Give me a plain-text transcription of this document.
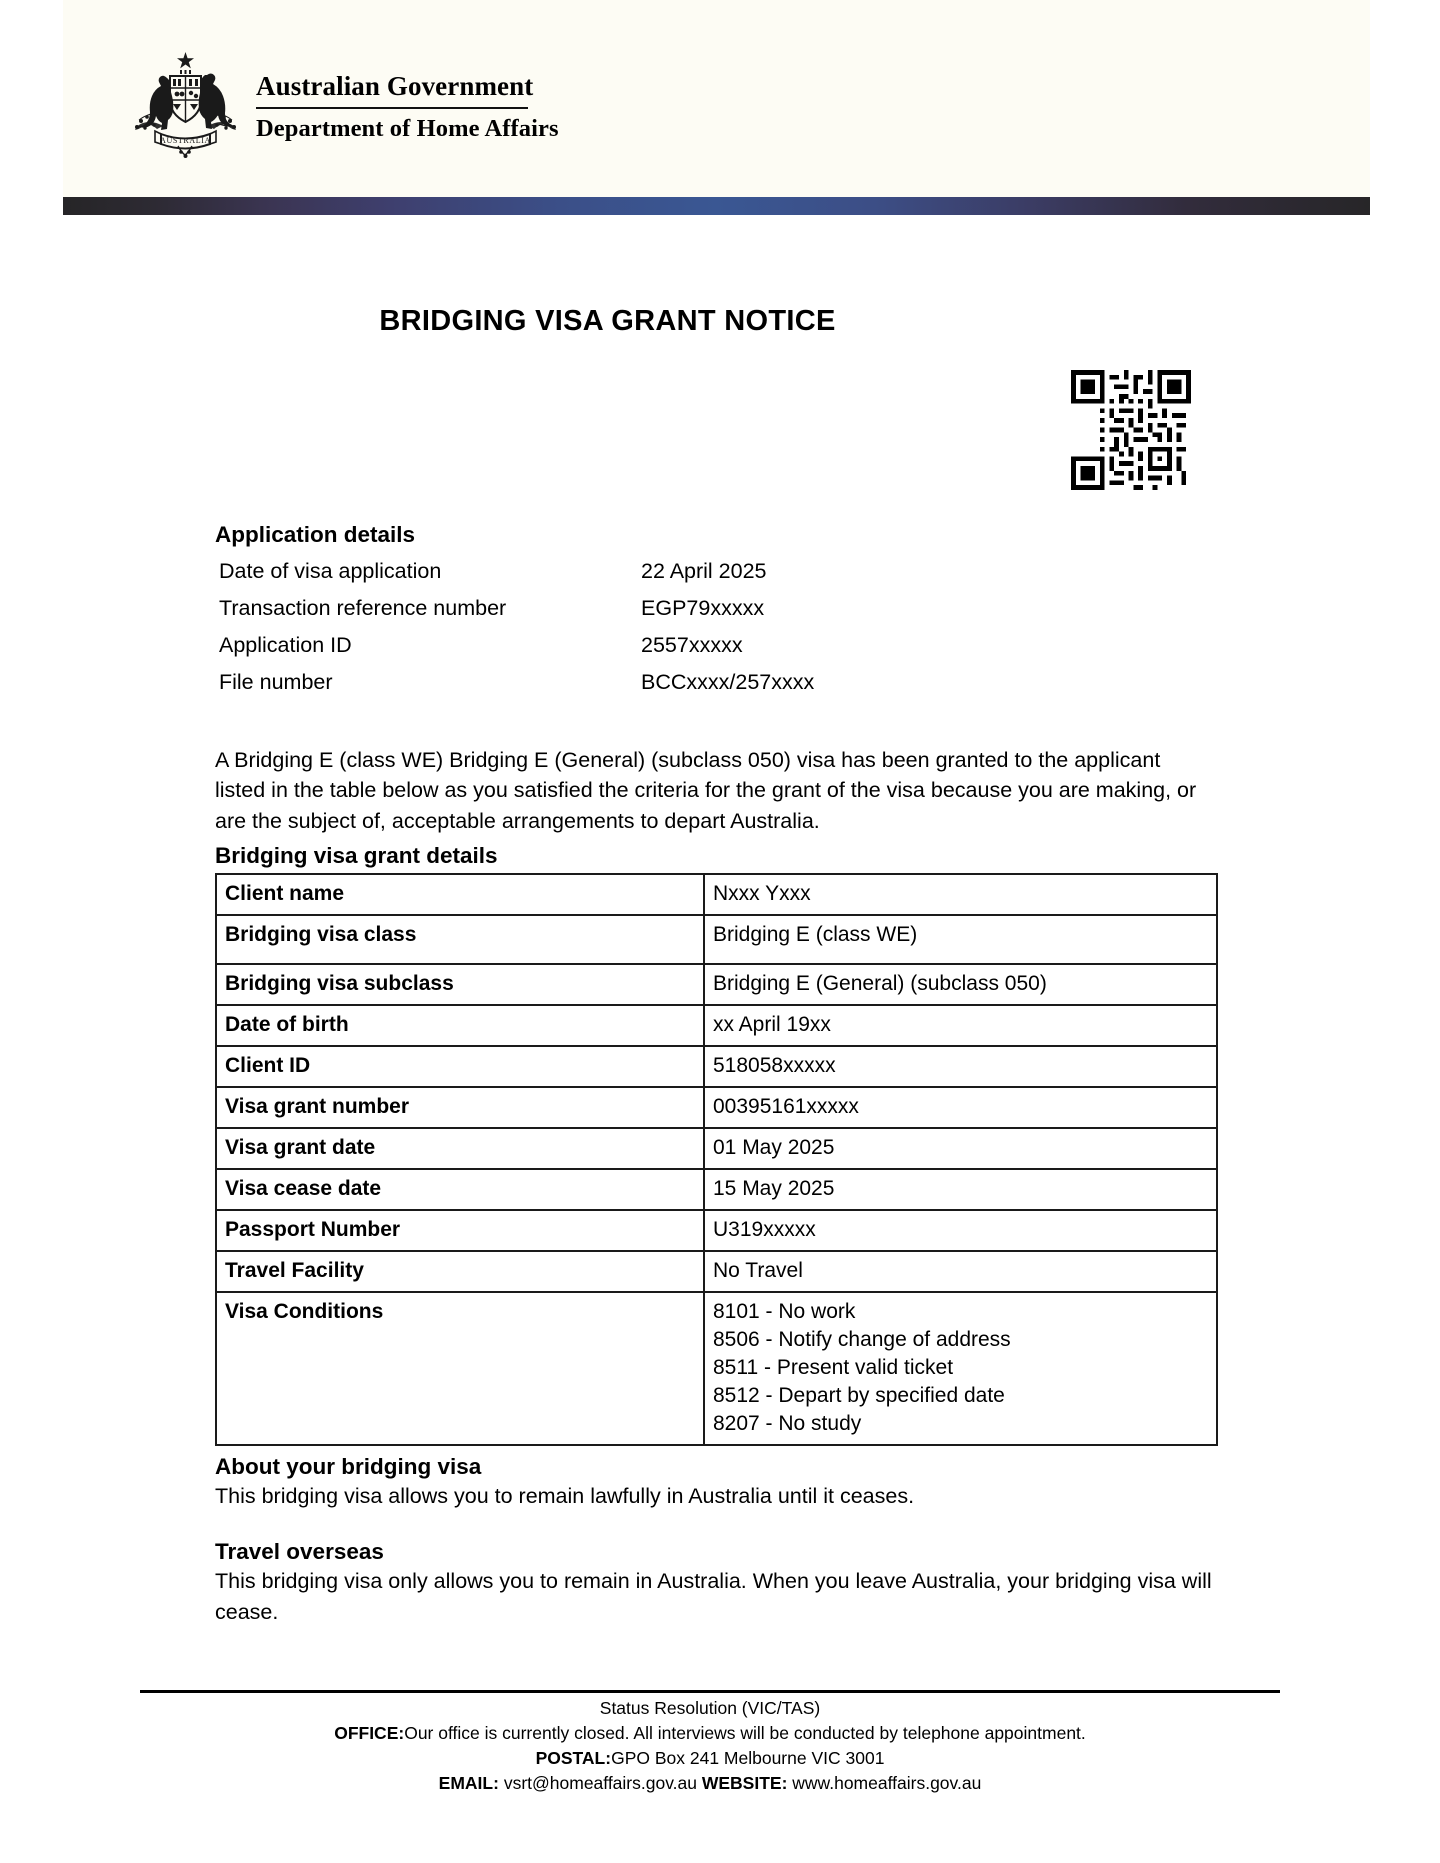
AUSTRALIA
Australian Government
Department of Home Affairs
BRIDGING VISA GRANT NOTICE
Application details
Date of visa application	22 April 2025
Transaction reference number	EGP79xxxxx
Application ID	2557xxxxx
File number	BCCxxxx/257xxxx

A Bridging E (class WE) Bridging E (General) (subclass 050) visa has been granted to the applicant listed in the table below as you satisfied the criteria for the grant of the visa because you are making, or are the subject of, acceptable arrangements to depart Australia.

Bridging visa grant details
Client name	Nxxx Yxxx
Bridging visa class	Bridging E (class WE)
Bridging visa subclass	Bridging E (General) (subclass 050)
Date of birth	xx April 19xx
Client ID	518058xxxxx
Visa grant number	00395161xxxxx
Visa grant date	01 May 2025
Visa cease date	15 May 2025
Passport Number	U319xxxxx
Travel Facility	No Travel
Visa Conditions	8101 - No work
8506 - Notify change of address
8511 - Present valid ticket
8512 - Depart by specified date
8207 - No study
About your bridging visa

This bridging visa allows you to remain lawfully in Australia until it ceases.

Travel overseas

This bridging visa only allows you to remain in Australia. When you leave Australia, your bridging visa will cease.

Status Resolution (VIC/TAS)
OFFICE:Our office is currently closed. All interviews will be conducted by telephone appointment.
POSTAL:GPO Box 241 Melbourne VIC 3001
EMAIL: vsrt@homeaffairs.gov.au WEBSITE: www.homeaffairs.gov.au
